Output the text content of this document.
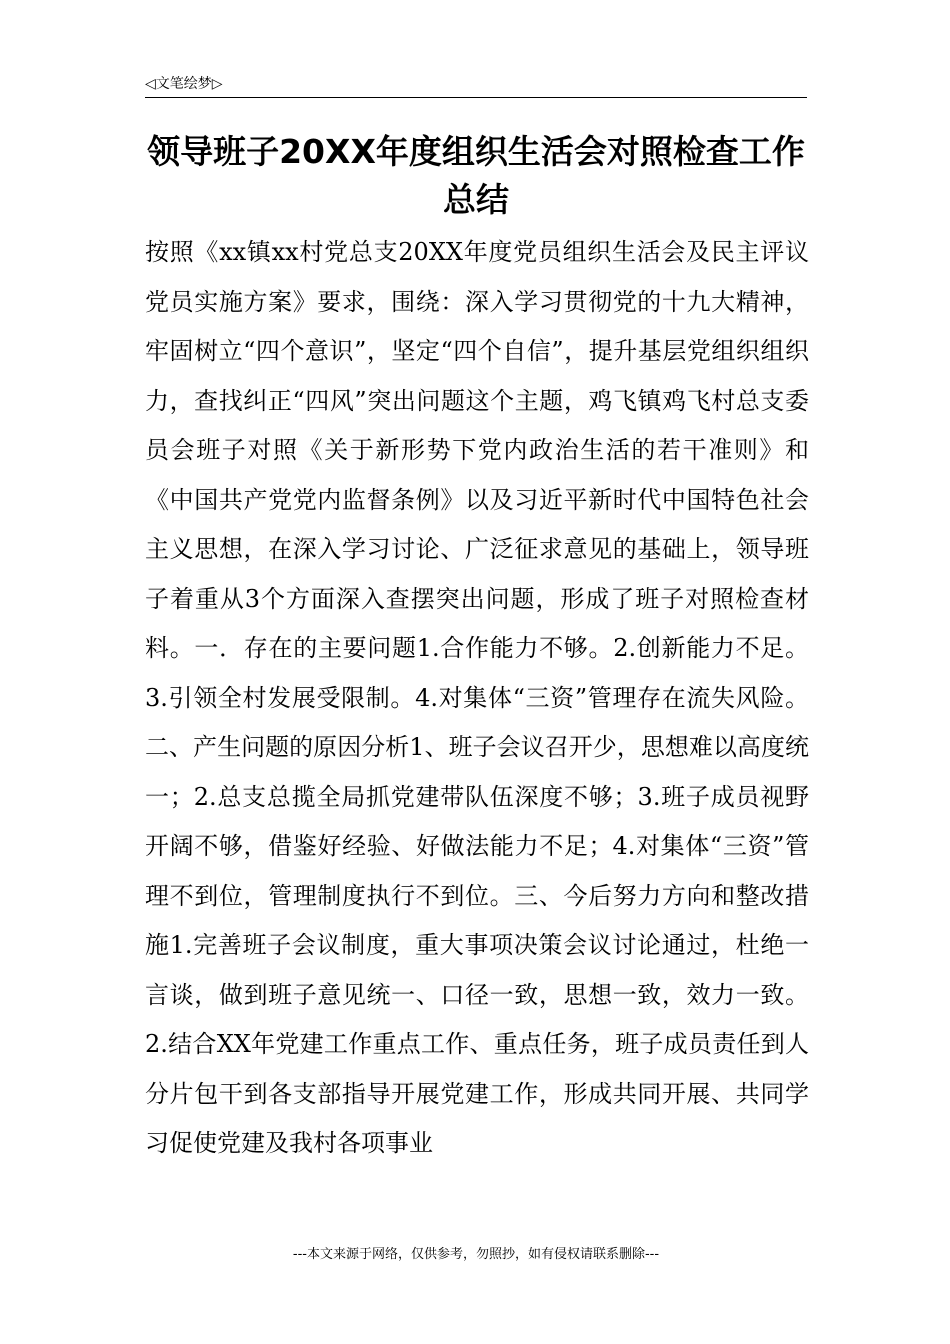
◁文笔绘梦▷
领导班子20XX年度组织生活会对照检查工作总结

按照《xx镇xx村党总支20XX年度党员组织生活会及民主评议党员实施方案》要求，围绕：深入学习贯彻党的十九大精神，牢固树立“四个意识”，坚定“四个自信”，提升基层党组织组织力，查找纠正“四风”突出问题这个主题，鸡飞镇鸡飞村总支委员会班子对照《关于新形势下党内政治生活的若干准则》和《中国共产党党内监督条例》以及习近平新时代中国特色社会主义思想，在深入学习讨论、广泛征求意见的基础上，领导班子着重从3个方面深入查摆突出问题，形成了班子对照检查材料。一．存在的主要问题1.合作能力不够。2.创新能力不足。3.引领全村发展受限制。4.对集体“三资”管理存在流失风险。二、产生问题的原因分析1、班子会议召开少，思想难以高度统一；2.总支总揽全局抓党建带队伍深度不够；3.班子成员视野开阔不够，借鉴好经验、好做法能力不足；4.对集体“三资”管理不到位，管理制度执行不到位。三、今后努力方向和整改措施1.完善班子会议制度，重大事项决策会议讨论通过，杜绝一言谈，做到班子意见统一、口径一致，思想一致，效力一致。2.结合XX年党建工作重点工作、重点任务，班子成员责任到人分片包干到各支部指导开展党建工作，形成共同开展、共同学习促使党建及我村各项事业

---本文来源于网络，仅供参考，勿照抄，如有侵权请联系删除---
